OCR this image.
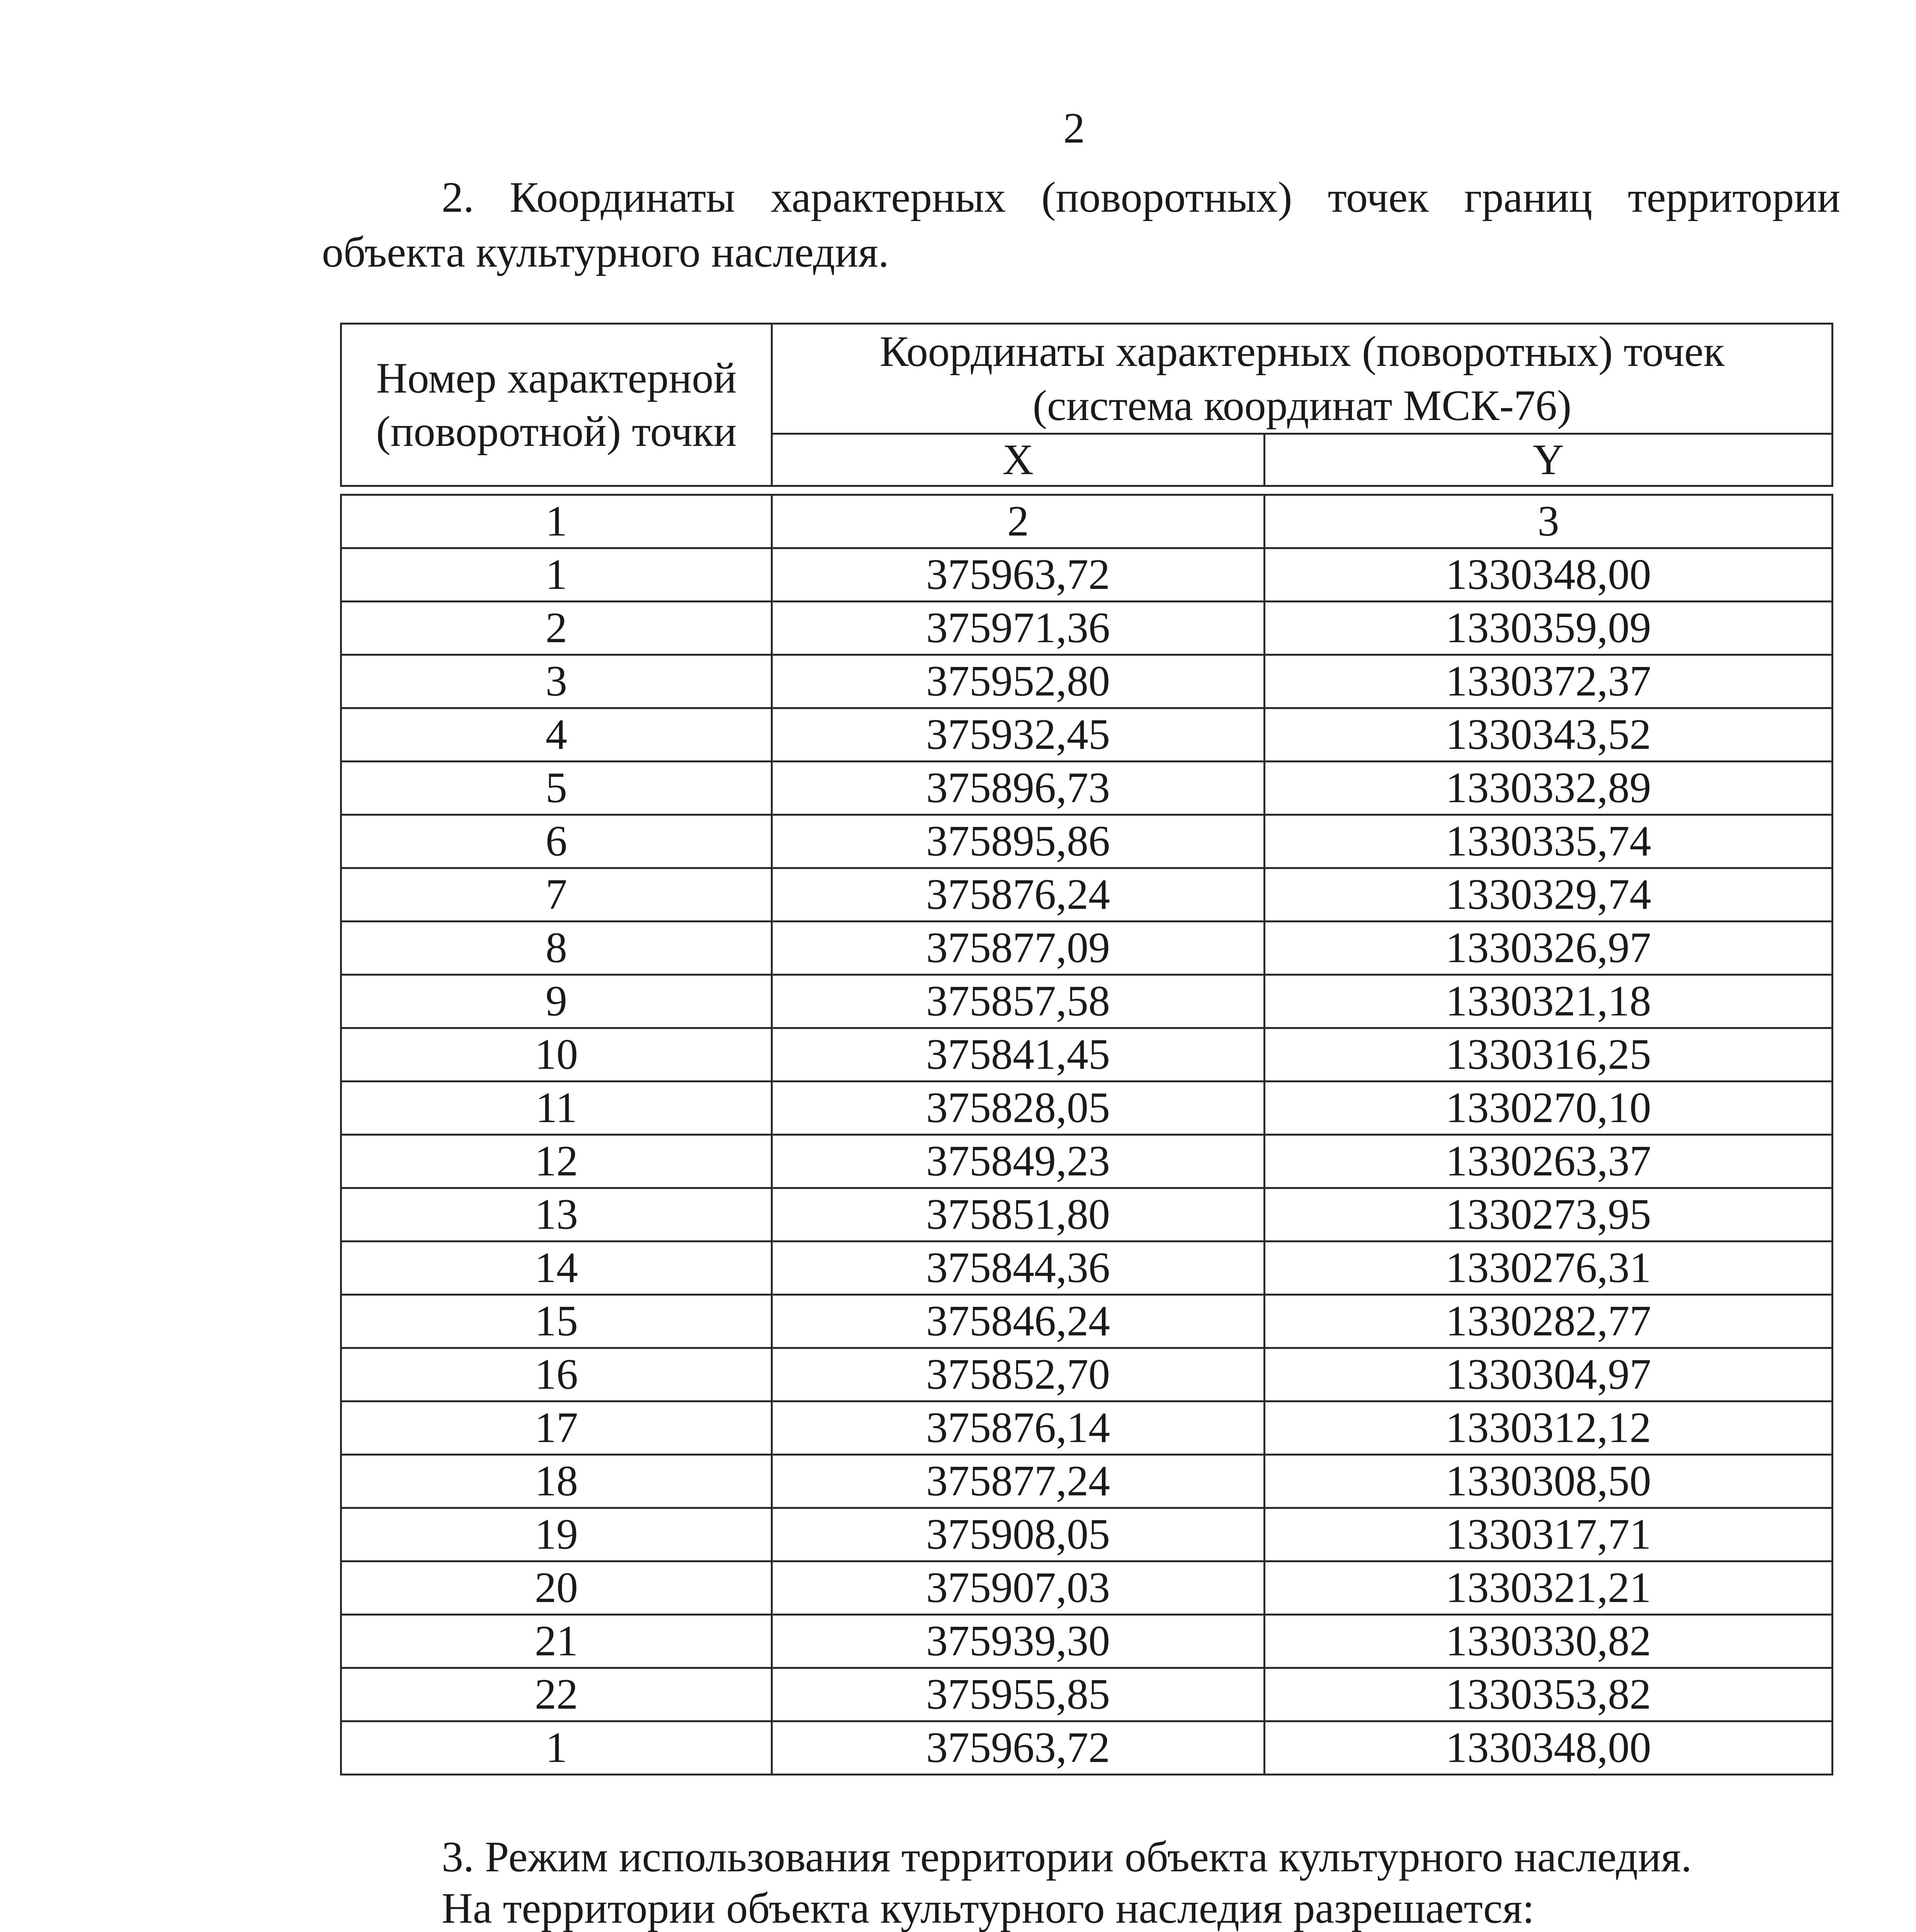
2
2. Координаты характерных (поворотных) точек границ территории объекта культурного наследия.
Номер характерной (поворотной) точки	Координаты характерных (поворотных) точек
(система координат МСК-76)	

	X	Y

1	2	3
1	375963,72	1330348,00
2	375971,36	1330359,09
3	375952,80	1330372,37
4	375932,45	1330343,52
5	375896,73	1330332,89
6	375895,86	1330335,74
7	375876,24	1330329,74
8	375877,09	1330326,97
9	375857,58	1330321,18
10	375841,45	1330316,25
11	375828,05	1330270,10
12	375849,23	1330263,37
13	375851,80	1330273,95
14	375844,36	1330276,31
15	375846,24	1330282,77
16	375852,70	1330304,97
17	375876,14	1330312,12
18	375877,24	1330308,50
19	375908,05	1330317,71
20	375907,03	1330321,21
21	375939,30	1330330,82
22	375955,85	1330353,82
1	375963,72	1330348,00

3. Режим использования территории объекта культурного наследия.

На территории объекта культурного наследия разрешается:
